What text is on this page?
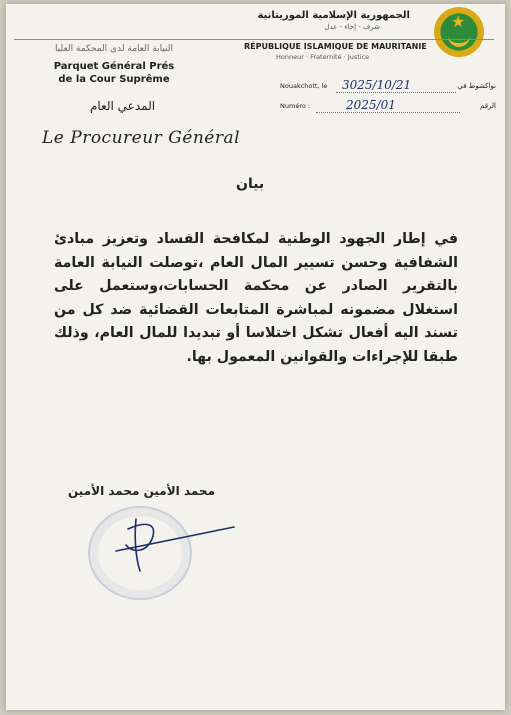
★
الجمهورية الإسلامية الموريتانية
شرف - إخاء - عدل
RÉPUBLIQUE ISLAMIQUE DE MAURITANIE
Honneur · Fraternité · Justice
النيابة العامة لدى المحكمة العليا
Parquet Général Prés
de la Cour Suprême
المدعي العام
Le Procureur Général
Nouakchott, le 3025/10/21	نواكشوط في
Numéro :	2025/01	الرقم
بيان
في إطار الجهود الوطنية لمكافحة الفساد وتعزيز مبادئ الشفافية وحسن تسيير المال العام ،توصلت النيابة العامة بالتقرير الصادر عن محكمة الحسابات،وستعمل على استغلال مضمونه لمباشرة المتابعات القضائية ضد كل من تسند اليه أفعال تشكل اختلاسا أو تبديدا للمال العام، وذلك طبقا للإجراءات والقوانين المعمول بها.
محمد الأمين محمد الأمين
